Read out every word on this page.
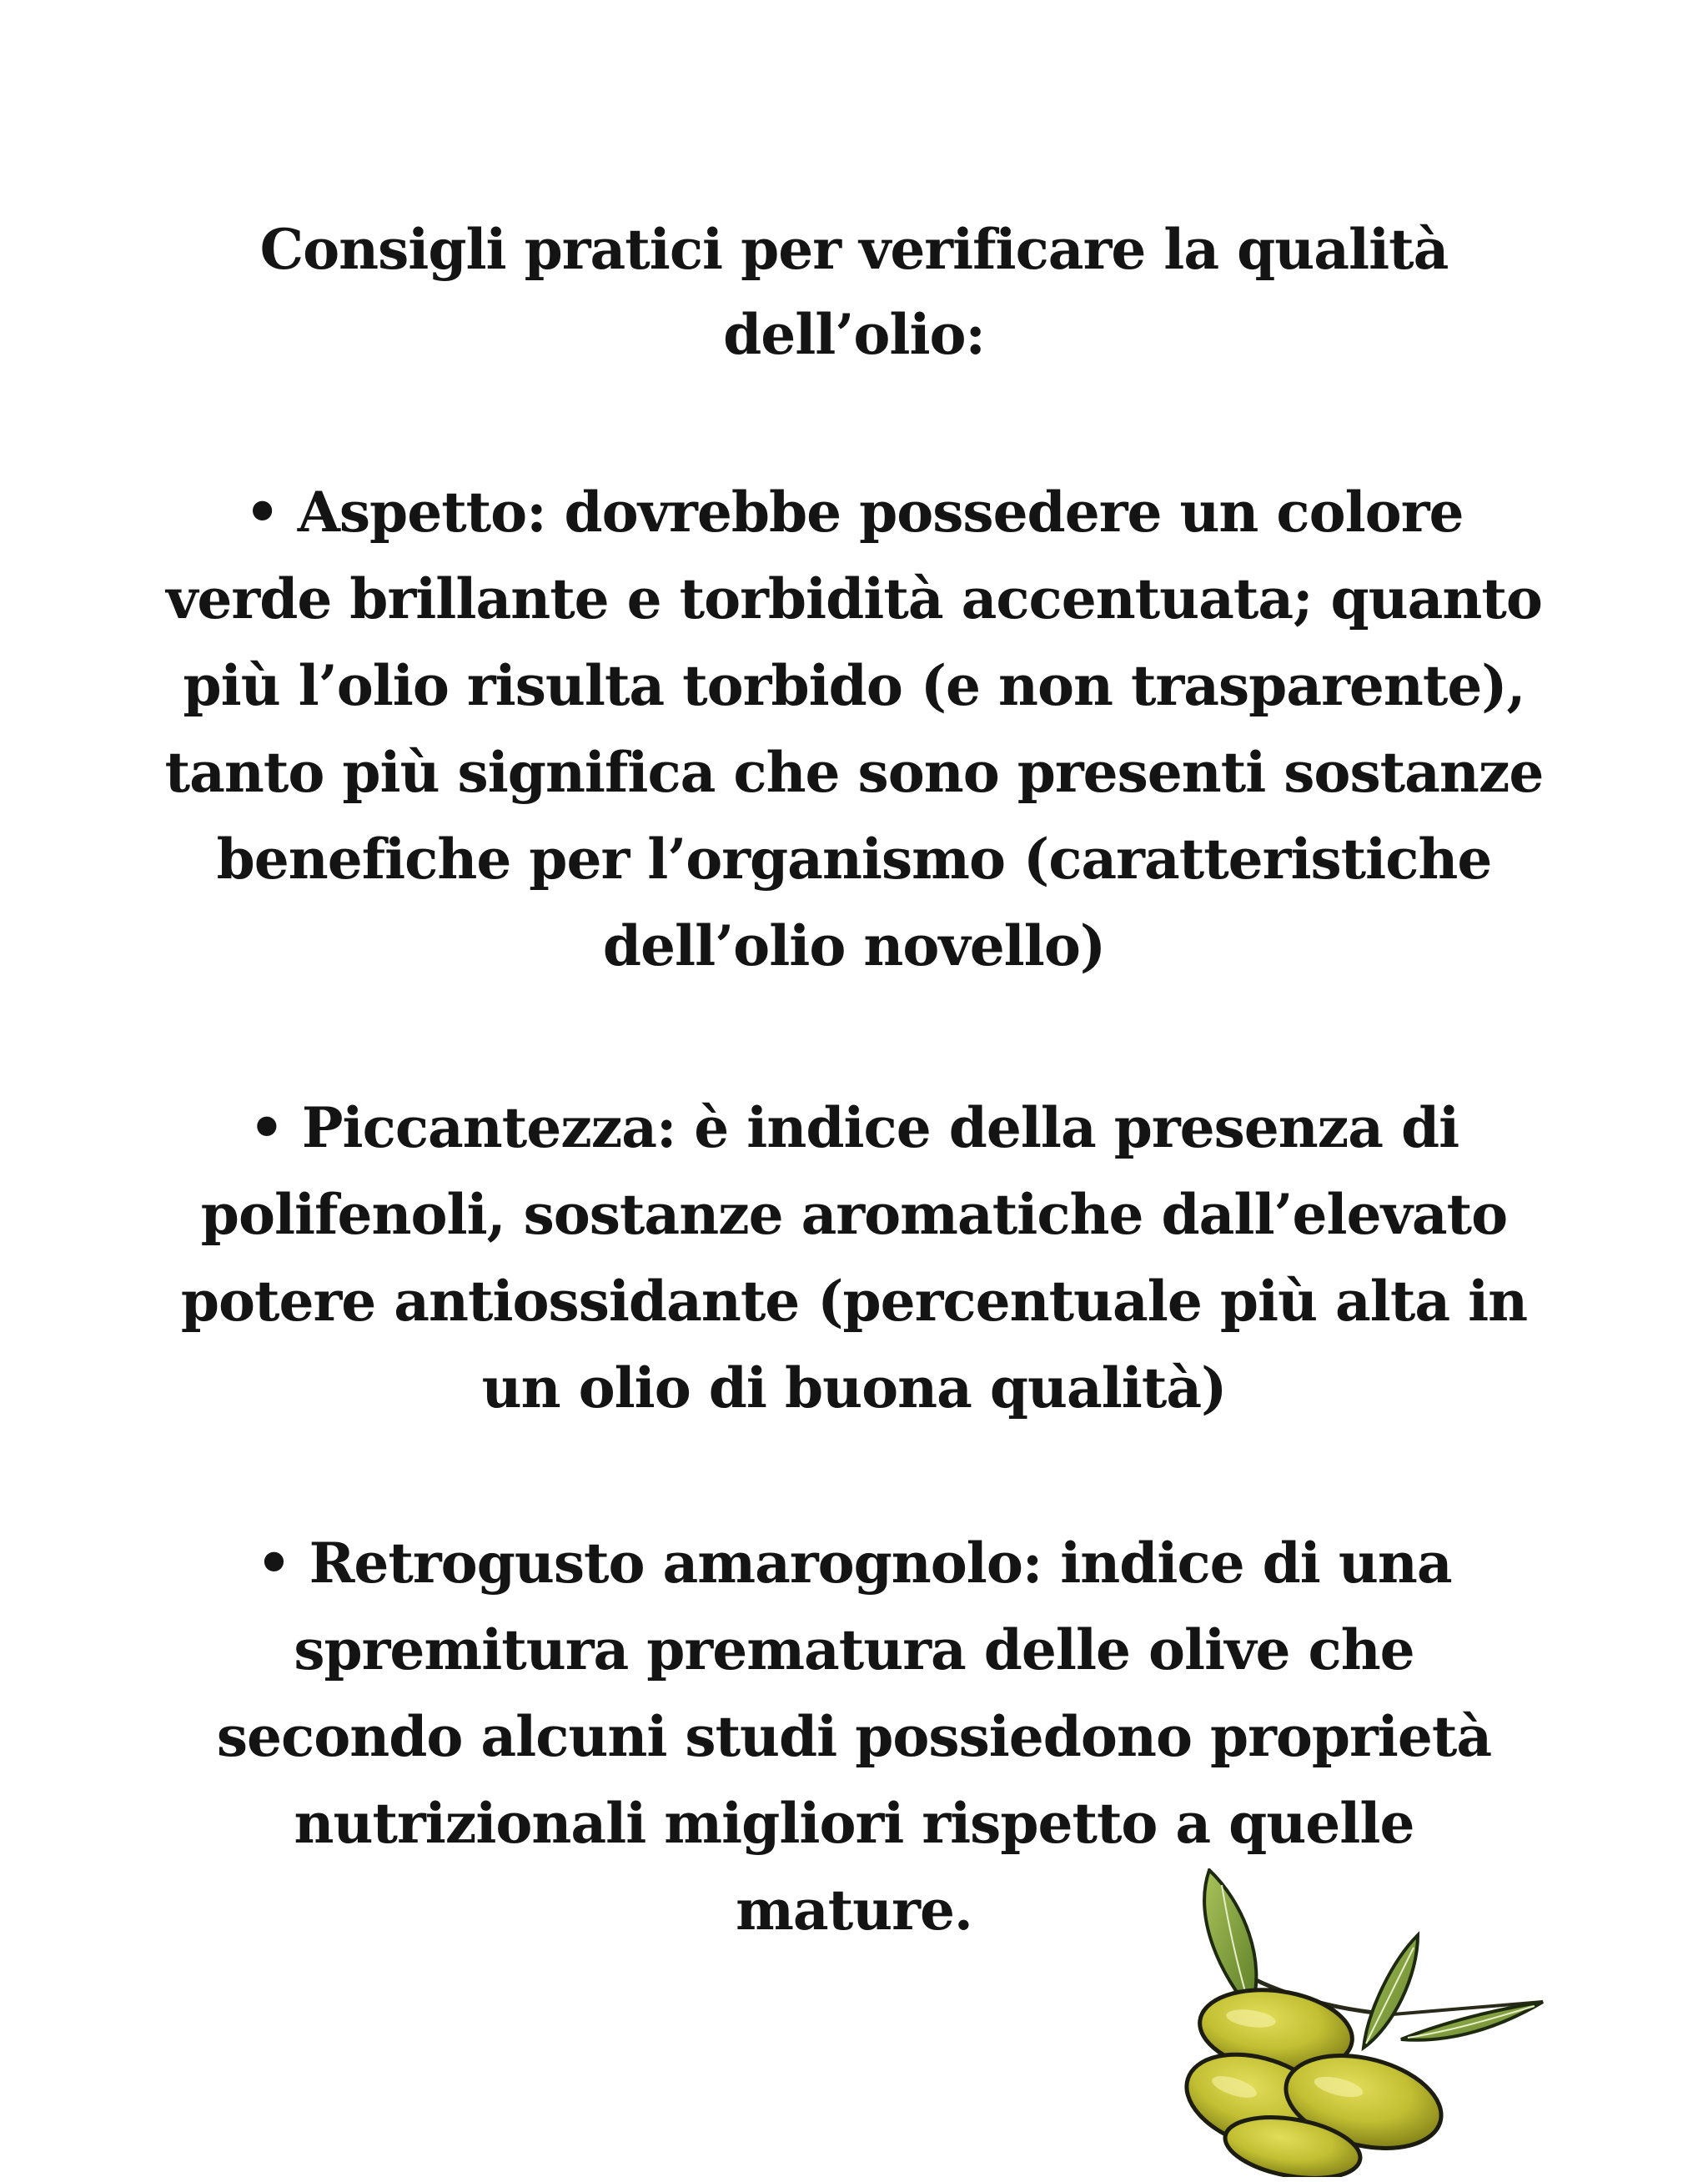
Consigli pratici per verificare la qualità
dell’olio:

• Aspetto: dovrebbe possedere un colore
verde brillante e torbidità accentuata; quanto
più l’olio risulta torbido (e non trasparente),
tanto più significa che sono presenti sostanze
benefiche per l’organismo (caratteristiche
dell’olio novello)

• Piccantezza: è indice della presenza di
polifenoli, sostanze aromatiche dall’elevato
potere antiossidante (percentuale più alta in
un olio di buona qualità)

• Retrogusto amarognolo: indice di una
spremitura prematura delle olive che
secondo alcuni studi possiedono proprietà
nutrizionali migliori rispetto a quelle
mature.
